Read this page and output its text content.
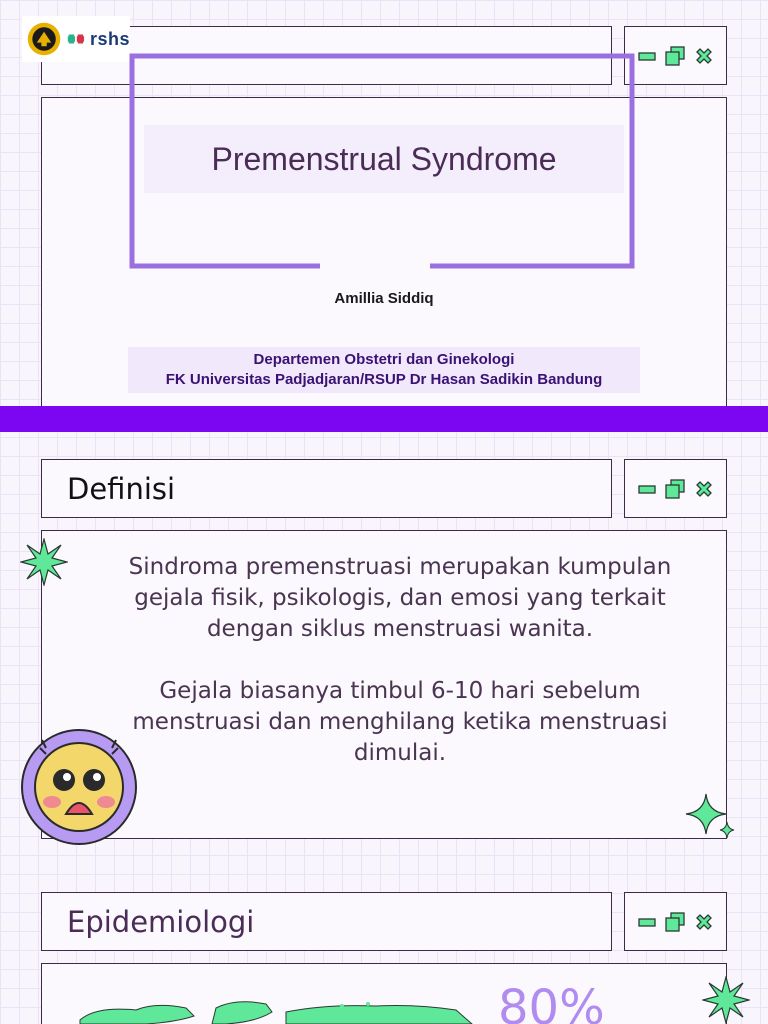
rshs
Premenstrual Syndrome
Amillia Siddiq
Departemen Obstetri dan Ginekologi
FK Universitas Padjadjaran/RSUP Dr Hasan Sadikin Bandung
Definisi

Sindroma premenstruasi merupakan kumpulan gejala fisik, psikologis, dan emosi yang terkait dengan siklus menstruasi wanita.

Gejala biasanya timbul 6-10 hari sebelum menstruasi dan menghilang ketika menstruasi dimulai.

Epidemiologi
80%
